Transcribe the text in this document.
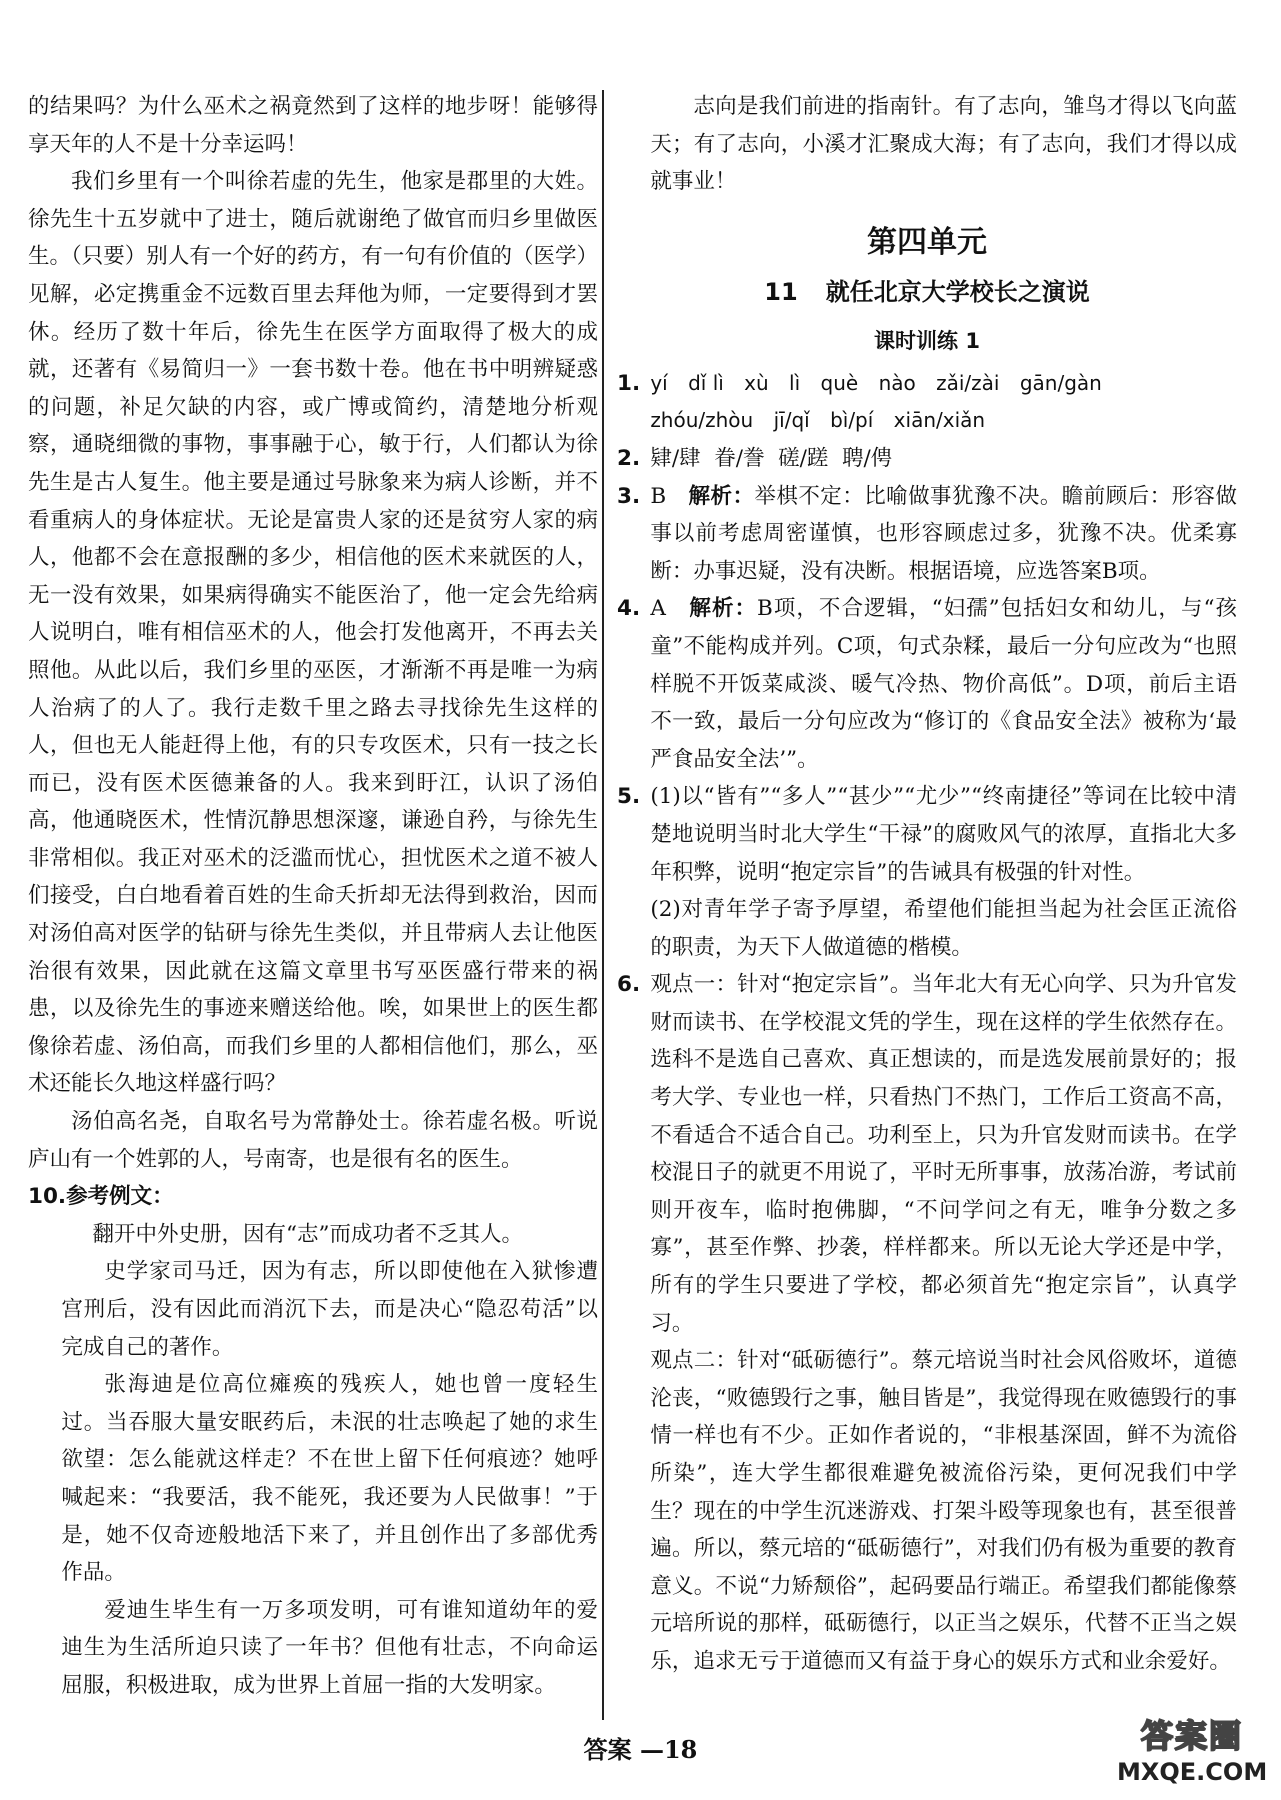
的结果吗？为什么巫术之祸竟然到了这样的地步呀！能够得享天年的人不是十分幸运吗！

我们乡里有一个叫徐若虚的先生，他家是郡里的大姓。徐先生十五岁就中了进士，随后就谢绝了做官而归乡里做医生。（只要）别人有一个好的药方，有一句有价值的（医学）见解，必定携重金不远数百里去拜他为师，一定要得到才罢休。经历了数十年后，徐先生在医学方面取得了极大的成就，还著有《易简归一》一套书数十卷。他在书中明辨疑惑的问题，补足欠缺的内容，或广博或简约，清楚地分析观察，通晓细微的事物，事事融于心，敏于行，人们都认为徐先生是古人复生。他主要是通过号脉象来为病人诊断，并不看重病人的身体症状。无论是富贵人家的还是贫穷人家的病人，他都不会在意报酬的多少，相信他的医术来就医的人，无一没有效果，如果病得确实不能医治了，他一定会先给病人说明白，唯有相信巫术的人，他会打发他离开，不再去关照他。从此以后，我们乡里的巫医，才渐渐不再是唯一为病人治病了的人了。我行走数千里之路去寻找徐先生这样的人，但也无人能赶得上他，有的只专攻医术，只有一技之长而已，没有医术医德兼备的人。我来到盱江，认识了汤伯高，他通晓医术，性情沉静思想深邃，谦逊自矜，与徐先生非常相似。我正对巫术的泛滥而忧心，担忧医术之道不被人们接受，白白地看着百姓的生命夭折却无法得到救治，因而对汤伯高对医学的钻研与徐先生类似，并且带病人去让他医治很有效果，因此就在这篇文章里书写巫医盛行带来的祸患，以及徐先生的事迹来赠送给他。唉，如果世上的医生都像徐若虚、汤伯高，而我们乡里的人都相信他们，那么，巫术还能长久地这样盛行吗？

汤伯高名尧，自取名号为常静处士。徐若虚名极。听说庐山有一个姓郭的人，号南寄，也是很有名的医生。

10. 参考例文：

翻开中外史册，因有“志”而成功者不乏其人。

史学家司马迁，因为有志，所以即使他在入狱惨遭宫刑后，没有因此而消沉下去，而是决心“隐忍苟活”以完成自己的著作。

张海迪是位高位瘫痪的残疾人，她也曾一度轻生过。当吞服大量安眠药后，未泯的壮志唤起了她的求生欲望：怎么能就这样走？不在世上留下任何痕迹？她呼喊起来：“我要活，我不能死，我还要为人民做事！”于是，她不仅奇迹般地活下来了，并且创作出了多部优秀作品。

爱迪生毕生有一万多项发明，可有谁知道幼年的爱迪生为生活所迫只读了一年书？但他有壮志，不向命运屈服，积极进取，成为世界上首屈一指的大发明家。

志向是我们前进的指南针。有了志向，雏鸟才得以飞向蓝天；有了志向，小溪才汇聚成大海；有了志向，我们才得以成就事业！

第四单元
11 就任北京大学校长之演说
课时训练 1
1. yí dǐ lì xù lì què nào zǎi/zài gān/gàn
zhóu/zhòu jī/qǐ bì/pí xiān/xiǎn
2. 肄/肆  眷/誊  磋/蹉  聘/俜
3. B　 解析：举棋不定：比喻做事犹豫不决。瞻前顾后：形容做事以前考虑周密谨慎，也形容顾虑过多，犹豫不决。优柔寡断：办事迟疑，没有决断。根据语境，应选答案B项。

4. A　 解析：B项，不合逻辑，“妇孺”包括妇女和幼儿，与“孩童”不能构成并列。C项，句式杂糅，最后一分句应改为“也照样脱不开饭菜咸淡、暖气冷热、物价高低”。D项，前后主语不一致，最后一分句应改为“修订的《食品安全法》被称为‘最严食品安全法’”。

5. (1)以“皆有”“多人”“甚少”“尤少”“终南捷径”等词在比较中清楚地说明当时北大学生“干禄”的腐败风气的浓厚，直指北大多年积弊，说明“抱定宗旨”的告诫具有极强的针对性。

(2)对青年学子寄予厚望，希望他们能担当起为社会匡正流俗的职责，为天下人做道德的楷模。

6. 观点一：针对“抱定宗旨”。当年北大有无心向学、只为升官发财而读书、在学校混文凭的学生，现在这样的学生依然存在。选科不是选自己喜欢、真正想读的，而是选发展前景好的；报考大学、专业也一样，只看热门不热门，工作后工资高不高，不看适合不适合自己。功利至上，只为升官发财而读书。在学校混日子的就更不用说了，平时无所事事，放荡冶游，考试前则开夜车，临时抱佛脚，“不问学问之有无，唯争分数之多寡”，甚至作弊、抄袭，样样都来。所以无论大学还是中学，所有的学生只要进了学校，都必须首先“抱定宗旨”，认真学习。

观点二：针对“砥砺德行”。蔡元培说当时社会风俗败坏，道德沦丧，“败德毁行之事，触目皆是”，我觉得现在败德毁行的事情一样也有不少。正如作者说的，“非根基深固，鲜不为流俗所染”，连大学生都很难避免被流俗污染，更何况我们中学生？现在的中学生沉迷游戏、打架斗殴等现象也有，甚至很普遍。所以，蔡元培的“砥砺德行”，对我们仍有极为重要的教育意义。不说“力矫颓俗”，起码要品行端正。希望我们都能像蔡元培所说的那样，砥砺德行，以正当之娱乐，代替不正当之娱乐，追求无亏于道德而又有益于身心的娱乐方式和业余爱好。

答案 —18	答案圈
MXQE.COM
